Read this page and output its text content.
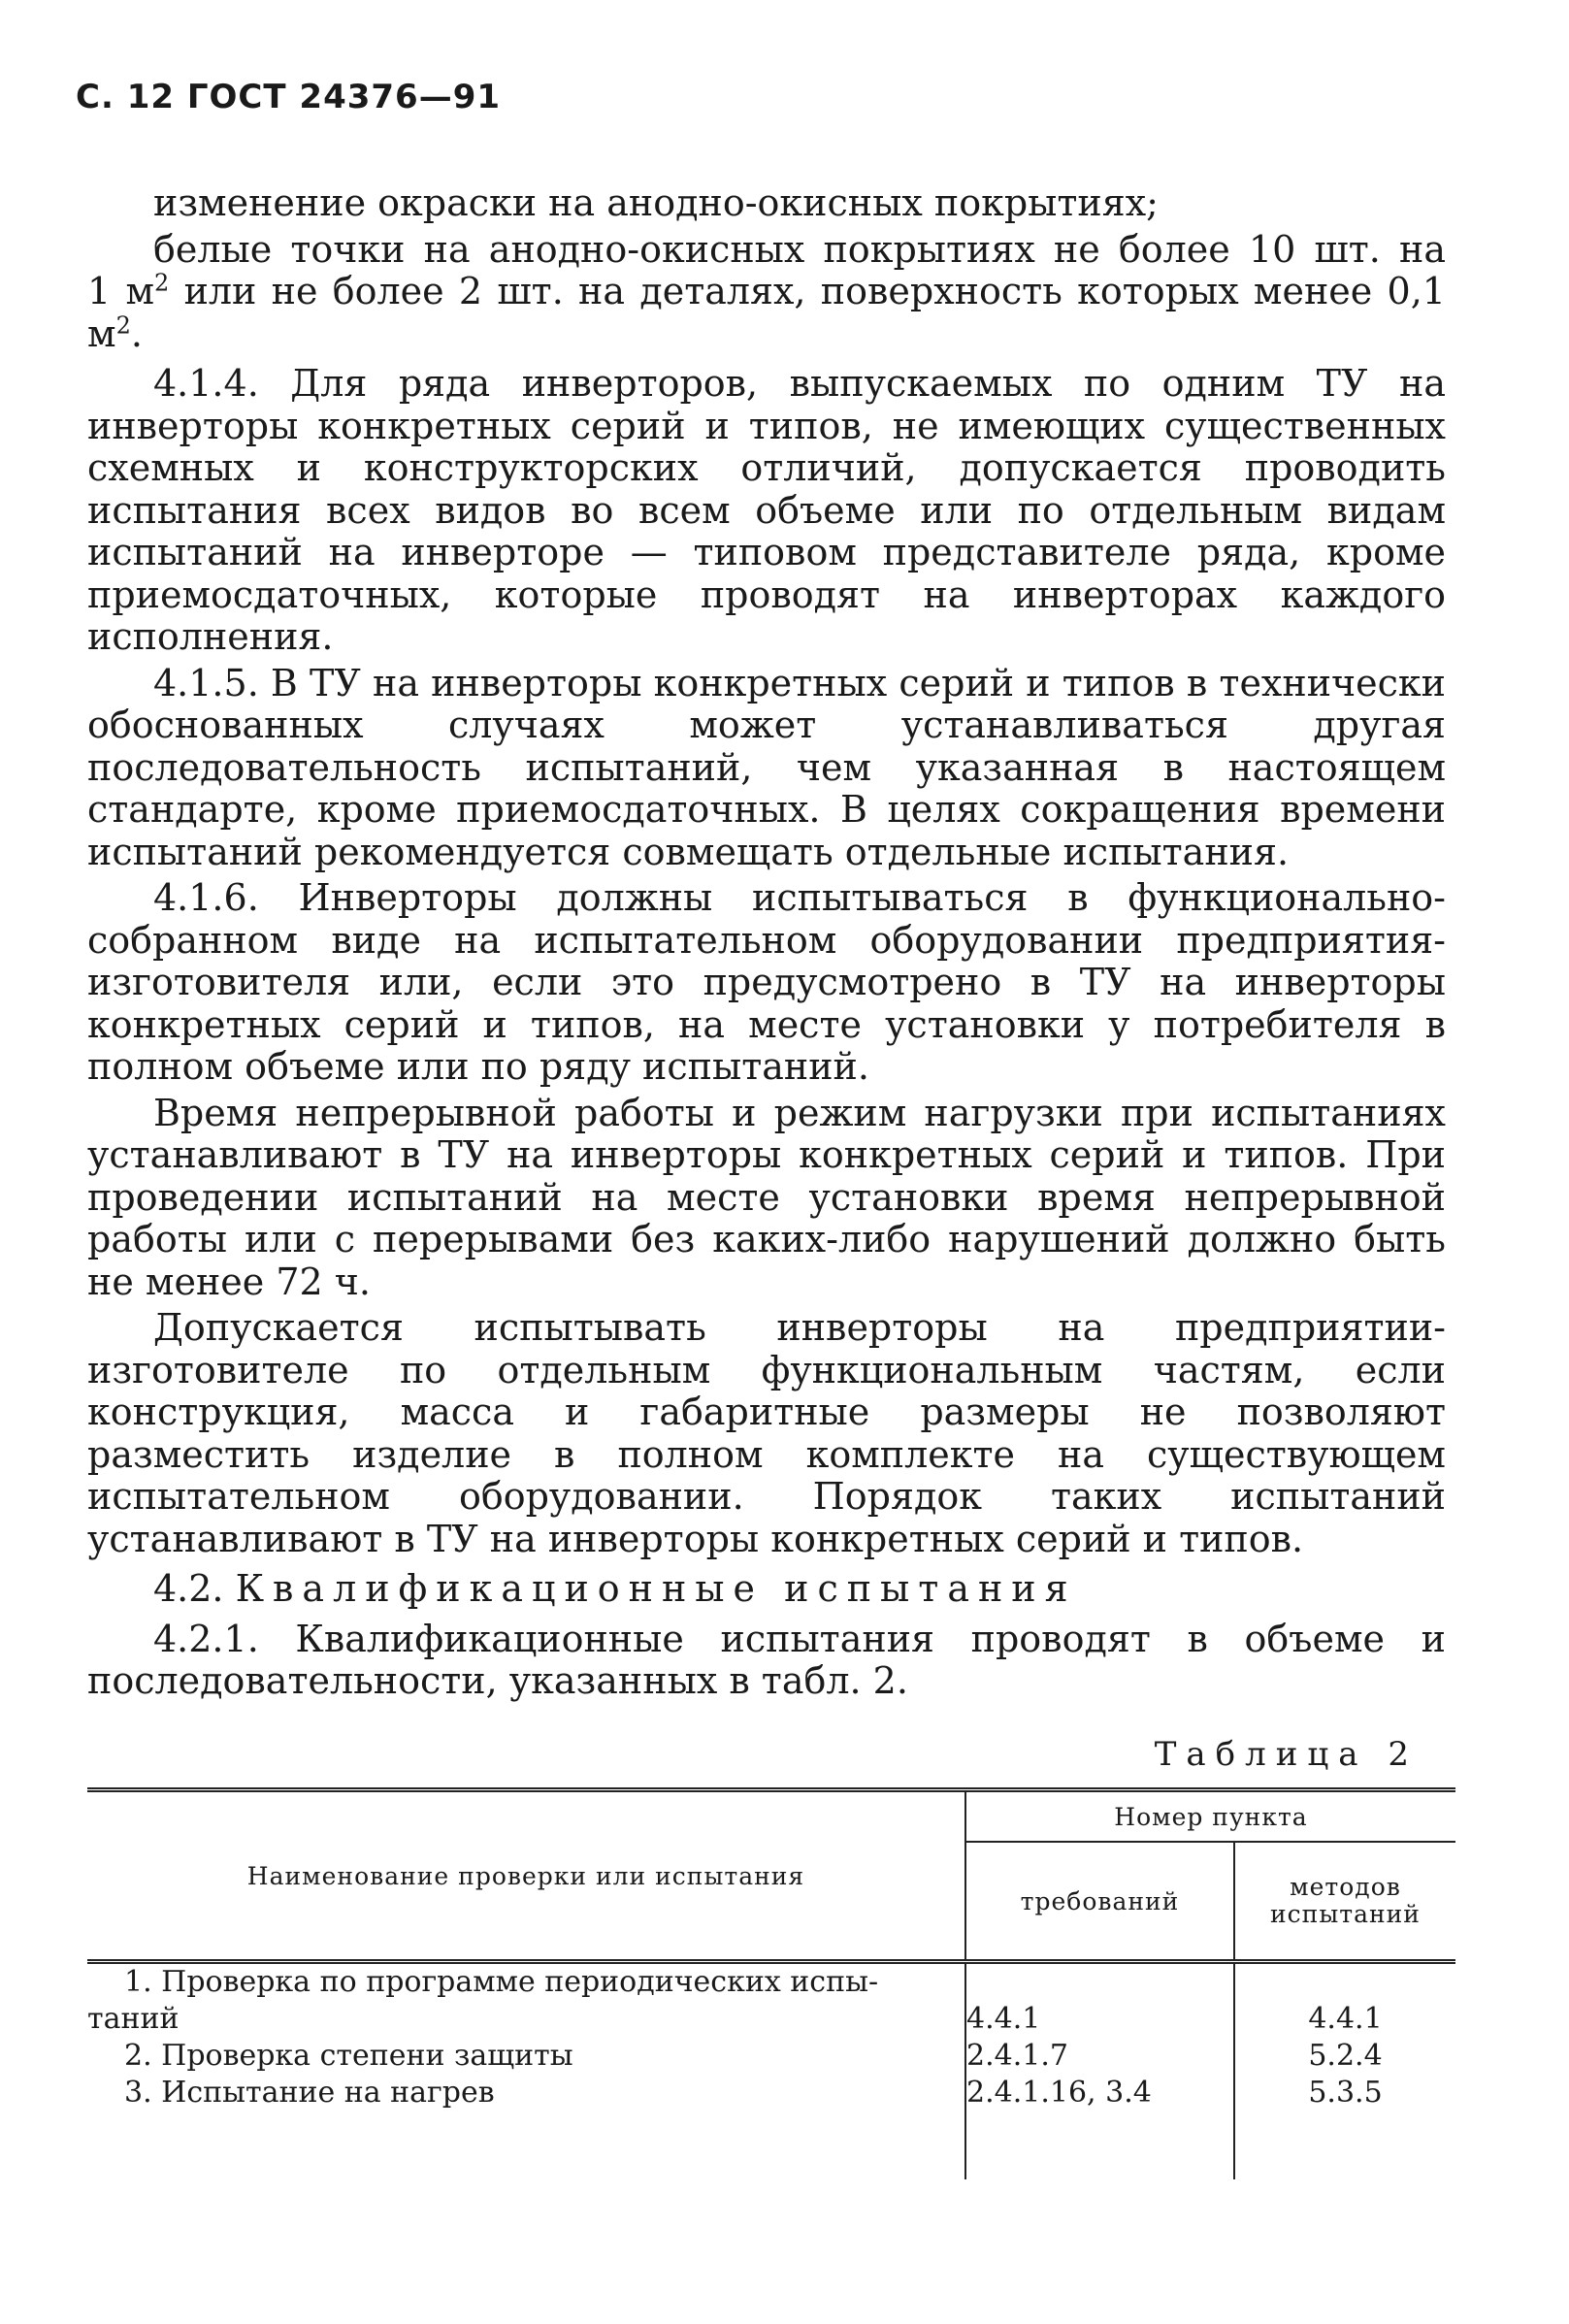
С. 12 ГОСТ 24376—91

изменение окраски на анодно-окисных покрытиях;

белые точки на анодно-окисных покрытиях не более 10 шт. на

1 $м^2$ или не более 2 шт. на деталях, поверхность которых менее 0,1 $м^2$.

4.1.4. Для ряда инверторов, выпускаемых по одним ТУ на инверторы конкретных серий и типов, не имеющих существенных схемных и конструкторских отличий, допускается проводить испытания всех видов во всем объеме или по отдельным видам испытаний на инверторе — типовом представителе ряда, кроме приемосдаточных, которые проводят на инверторах каждого исполнения.

4.1.5. В ТУ на инверторы конкретных серий и типов в технически обоснованных случаях может устанавливаться другая последовательность испытаний, чем указанная в настоящем стандарте, кроме приемосдаточных. В целях сокращения времени испытаний рекомендуется совмещать отдельные испытания.

4.1.6. Инверторы должны испытываться в функционально-собранном виде на испытательном оборудовании предприятия-изготовителя или, если это предусмотрено в ТУ на инверторы конкретных серий и типов, на месте установки у потребителя в полном объеме или по ряду испытаний.

Время непрерывной работы и режим нагрузки при испытаниях устанавливают в ТУ на инверторы конкретных серий и типов. При проведении испытаний на месте установки время непрерывной работы или с перерывами без каких-либо нарушений должно быть не менее 72 ч.

Допускается испытывать инверторы на предприятии-изготовителе по отдельным функциональным частям, если конструкция, масса и габаритные размеры не позволяют разместить изделие в полном комплекте на существующем испытательном оборудовании. Порядок таких испытаний устанавливают в ТУ на инверторы конкретных серий и типов.

4.2. Квалификационные испытания

4.2.1. Квалификационные испытания проводят в объеме и последовательности, указанных в табл. 2.

Таблица 2
Наименование проверки или испытания	Номер пункта	
	требований	методов
испытаний
1. Проверка по программе периодических испы-
таний	4.4.1	4.4.1
2. Проверка степени защиты	2.4.1.7	5.2.4
3. Испытание на нагрев	2.4.1.16, 3.4	5.3.5
